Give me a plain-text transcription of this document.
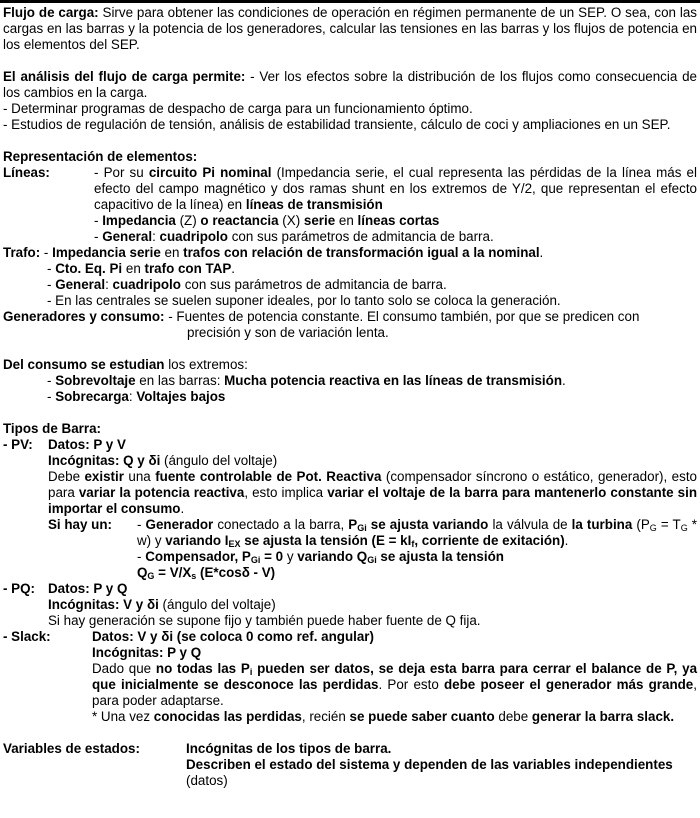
Flujo de carga: Sirve para obtener las condiciones de operación en régimen permanente de un SEP. O sea, con las cargas en las barras y la potencia de los generadores, calcular las tensiones en las barras y los flujos de potencia en los elementos del SEP.

El análisis del flujo de carga permite: - Ver los efectos sobre la distribución de los flujos como consecuencia de los cambios en la carga.

- Determinar programas de despacho de carga para un funcionamiento óptimo.

- Estudios de regulación de tensión, análisis de estabilidad transiente, cálculo de coci y ampliaciones en un SEP.

Representación de elementos:

Líneas:	- Por su circuito Pi nominal (Impedancia serie, el cual representa las pérdidas de la línea más el efecto del campo magnético y dos ramas shunt en los extremos de Y/2, que representan el efecto capacitivo de la línea) en líneas de transmisión

- Impedancia (Z) o reactancia (X) serie en líneas cortas

- General: cuadripolo con sus parámetros de admitancia de barra.

Trafo: - Impedancia serie en trafos con relación de transformación igual a la nominal.

- Cto. Eq. Pi en trafo con TAP.

- General: cuadripolo con sus parámetros de admitancia de barra.

- En las centrales se suelen suponer ideales, por lo tanto solo se coloca la generación.

Generadores y consumo: - Fuentes de potencia constante. El consumo también, por que se predicen con

precisión y son de variación lenta.

Del consumo se estudian los extremos:

- Sobrevoltaje en las barras: Mucha potencia reactiva en las líneas de transmisión.

- Sobrecarga: Voltajes bajos

Tipos de Barra:

- PV:	Datos: P y V

Incógnitas: Q y δi (ángulo del voltaje)

Debe existir una fuente controlable de Pot. Reactiva (compensador síncrono o estático, generador), esto para variar la potencia reactiva, esto implica variar el voltaje de la barra para mantenerlo constante sin importar el consumo.

Si hay un:	- Generador conectado a la barra, $P_{Gi}$ se ajusta variando la válvula de la turbina $(P_G = T_G * w)$ y variando $I_{EX}$ se ajusta la tensión ($E = kI_f$, corriente de exitación).

- Compensador, $P_{Gi} = 0$ y variando $Q_{Gi}$ se ajusta la tensión

$Q_G = V/X_s$ (E*cosδ - V)

- PQ: Datos: P y Q

Incógnitas: V y δi (ángulo del voltaje)

Si hay generación se supone fijo y también puede haber fuente de Q fija.

- Slack:	Datos: V y δi (se coloca 0 como ref. angular)

Incógnitas: P y Q

Dado que no todas las $P_i$ pueden ser datos, se deja esta barra para cerrar el balance de P, ya que inicialmente se desconoce las perdidas. Por esto debe poseer el generador más grande, para poder adaptarse.

* Una vez conocidas las perdidas, recién se puede saber cuanto debe generar la barra slack.

Variables de estados:	Incógnitas de los tipos de barra.

Describen el estado del sistema y dependen de las variables independientes

(datos)
